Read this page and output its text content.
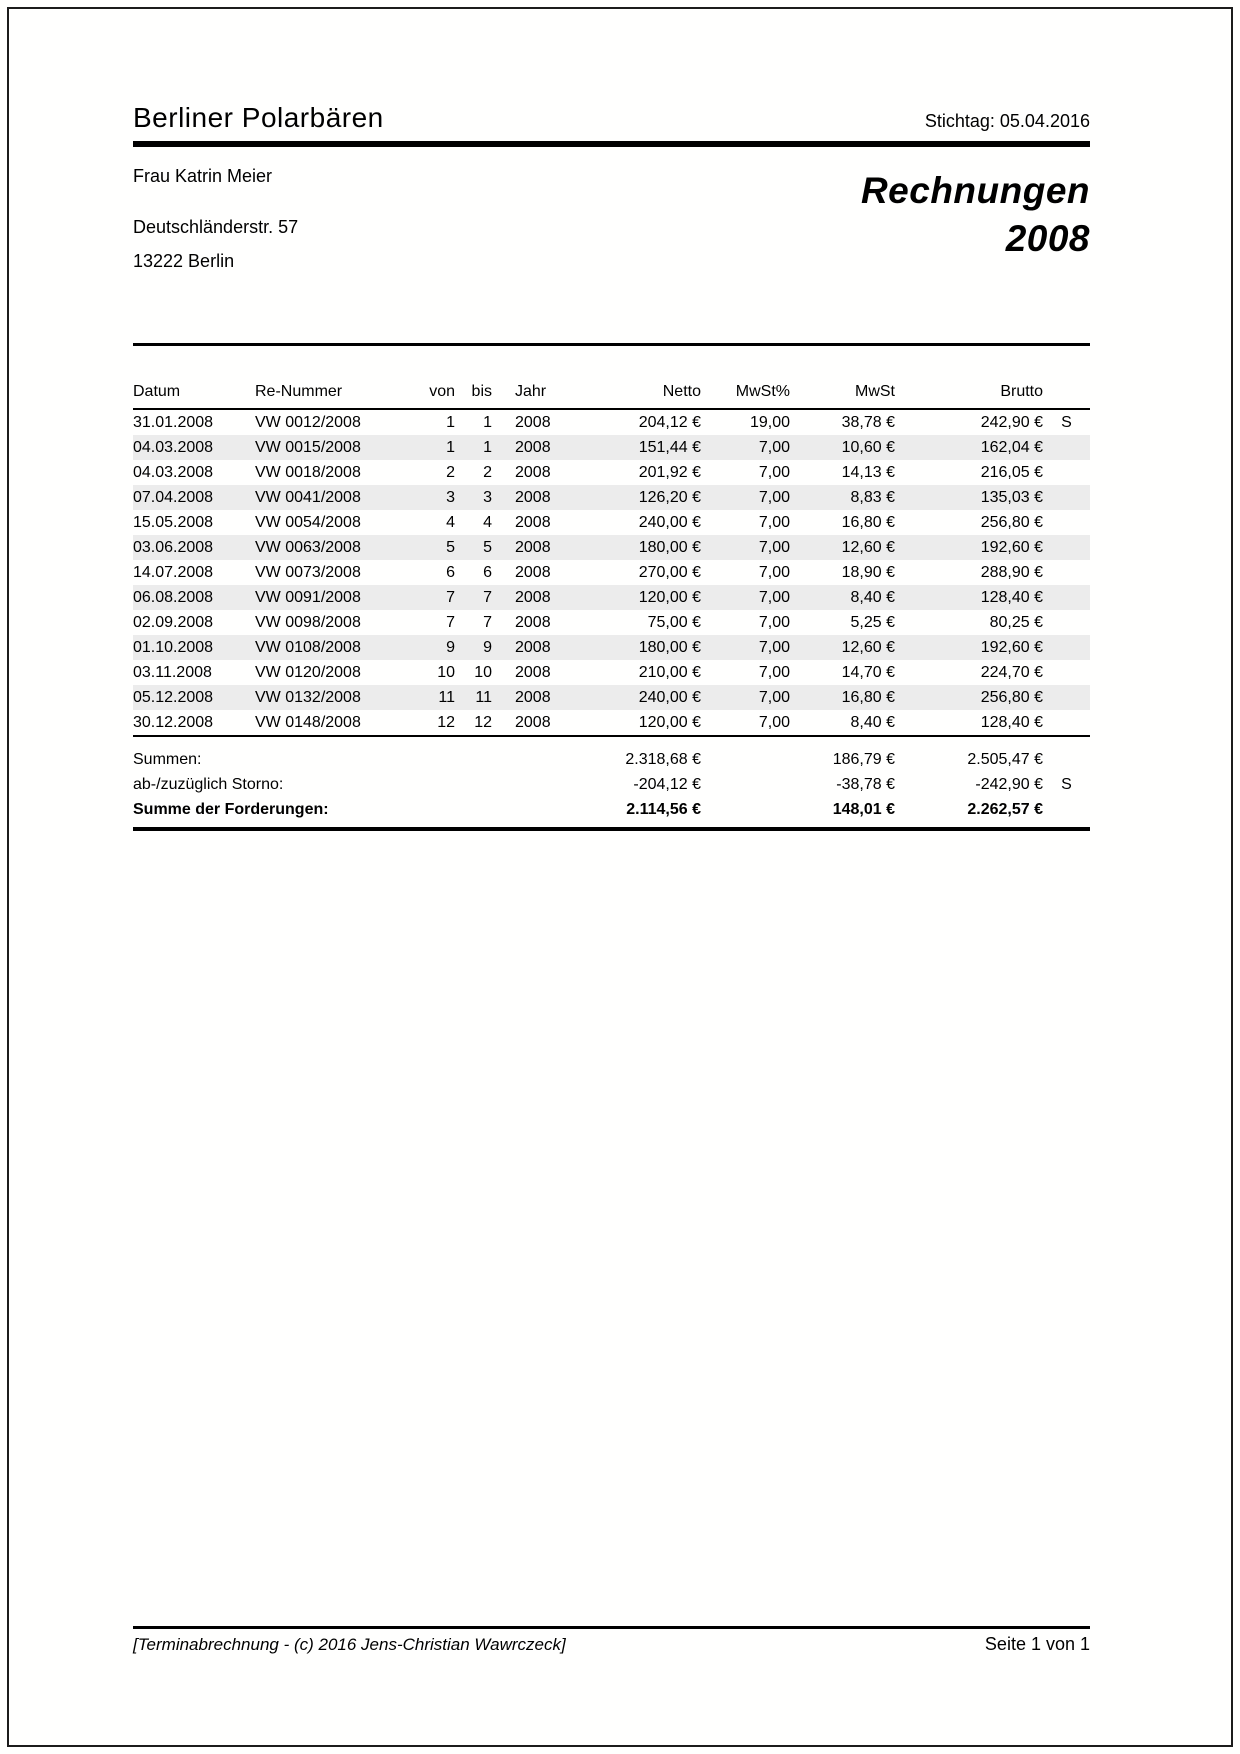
Berliner Polarbären	Stichtag: 05.04.2016
Frau Katrin Meier
Deutschländerstr. 57
13222 Berlin
Rechnungen
2008
Datum	Re-Nummer	von	bis	Jahr	Netto	MwSt%	MwSt	Brutto	
31.01.2008	VW 0012/2008	1	1	2008	204,12 €	19,00	38,78 €	242,90 €	S
04.03.2008	VW 0015/2008	1	1	2008	151,44 €	7,00	10,60 €	162,04 €	
04.03.2008	VW 0018/2008	2	2	2008	201,92 €	7,00	14,13 €	216,05 €	
07.04.2008	VW 0041/2008	3	3	2008	126,20 €	7,00	8,83 €	135,03 €	
15.05.2008	VW 0054/2008	4	4	2008	240,00 €	7,00	16,80 €	256,80 €	
03.06.2008	VW 0063/2008	5	5	2008	180,00 €	7,00	12,60 €	192,60 €	
14.07.2008	VW 0073/2008	6	6	2008	270,00 €	7,00	18,90 €	288,90 €	
06.08.2008	VW 0091/2008	7	7	2008	120,00 €	7,00	8,40 €	128,40 €	
02.09.2008	VW 0098/2008	7	7	2008	75,00 €	7,00	5,25 €	80,25 €	
01.10.2008	VW 0108/2008	9	9	2008	180,00 €	7,00	12,60 €	192,60 €	
03.11.2008	VW 0120/2008	10	10	2008	210,00 €	7,00	14,70 €	224,70 €	
05.12.2008	VW 0132/2008	11	11	2008	240,00 €	7,00	16,80 €	256,80 €	
30.12.2008	VW 0148/2008	12	12	2008	120,00 €	7,00	8,40 €	128,40 €	
Summen:					2.318,68 €		186,79 €	2.505,47 €	
ab-/zuzüglich Storno:					-204,12 €		-38,78 €	-242,90 €	S
Summe der Forderungen:					2.114,56 €		148,01 €	2.262,57 €	
[Terminabrechnung - (c) 2016 Jens-Christian Wawrczeck]	Seite 1 von 1
